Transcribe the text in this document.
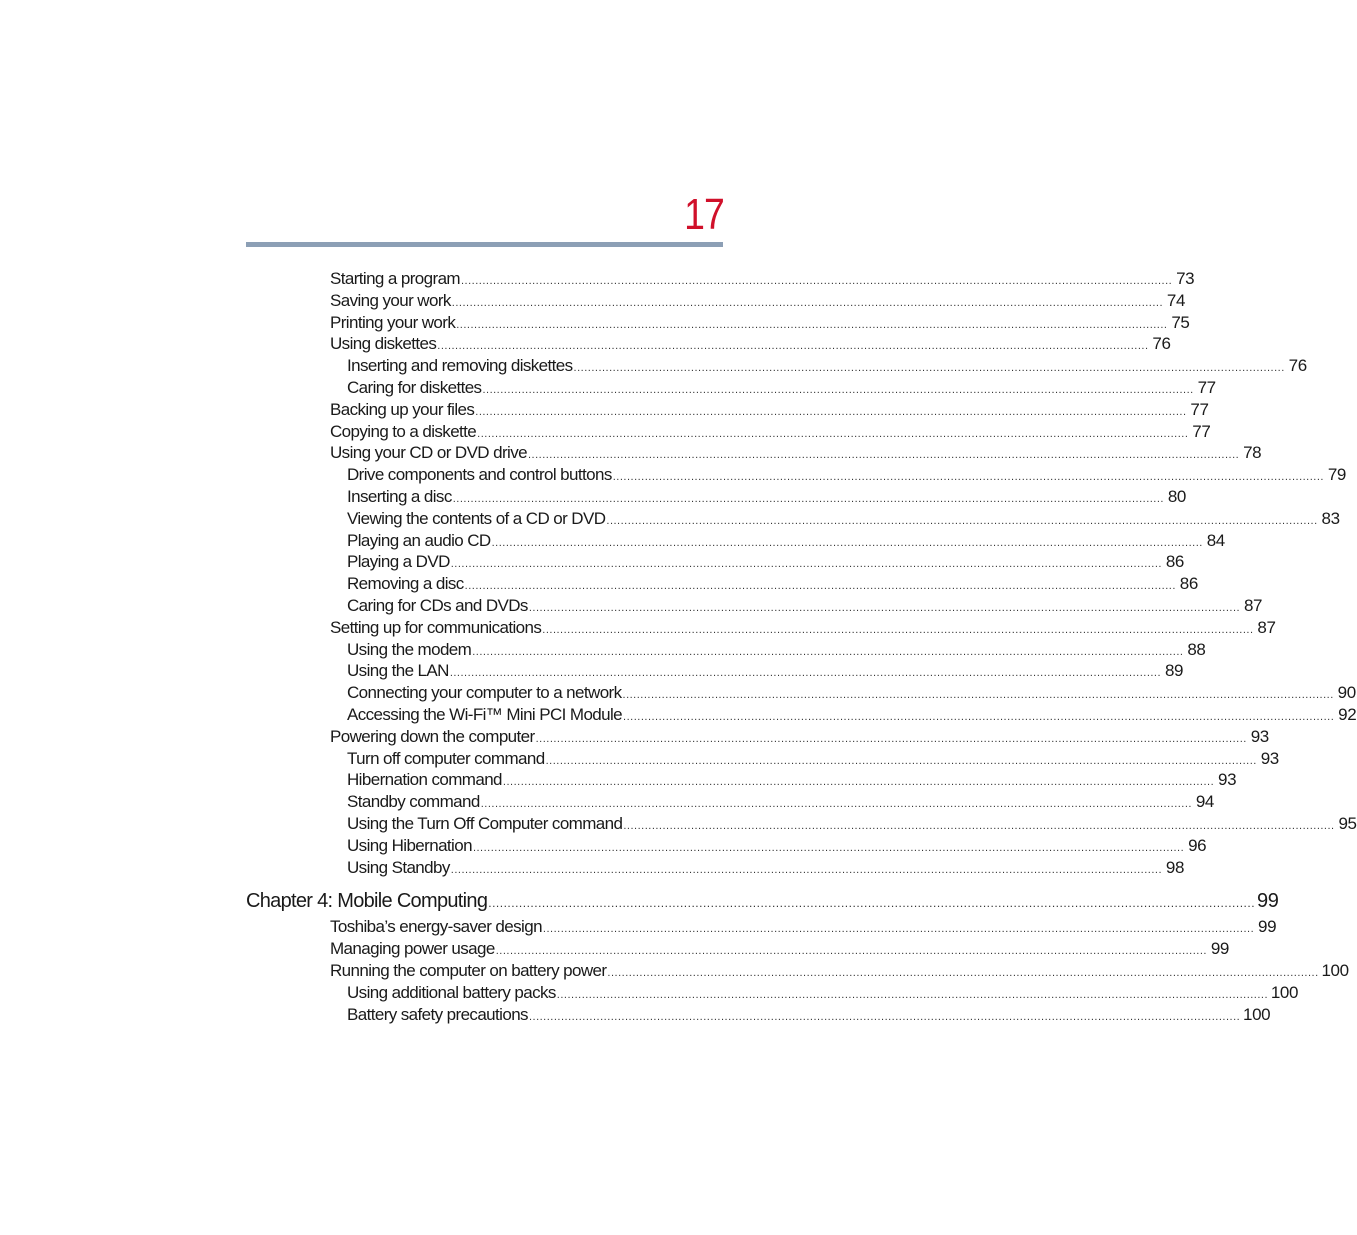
17
Starting a program ........................................................................................................................................................................................................ 73
Saving your work ........................................................................................................................................................................................................ 74
Printing your work ........................................................................................................................................................................................................ 75
Using diskettes ........................................................................................................................................................................................................ 76
Inserting and removing diskettes ........................................................................................................................................................................................................ 76
Caring for diskettes ........................................................................................................................................................................................................ 77
Backing up your files ........................................................................................................................................................................................................ 77
Copying to a diskette ........................................................................................................................................................................................................ 77
Using your CD or DVD drive ........................................................................................................................................................................................................ 78
Drive components and control buttons ........................................................................................................................................................................................................ 79
Inserting a disc ........................................................................................................................................................................................................ 80
Viewing the contents of a CD or DVD ........................................................................................................................................................................................................ 83
Playing an audio CD ........................................................................................................................................................................................................ 84
Playing a DVD ........................................................................................................................................................................................................ 86
Removing a disc ........................................................................................................................................................................................................ 86
Caring for CDs and DVDs ........................................................................................................................................................................................................ 87
Setting up for communications ........................................................................................................................................................................................................ 87
Using the modem ........................................................................................................................................................................................................ 88
Using the LAN ........................................................................................................................................................................................................ 89
Connecting your computer to a network ........................................................................................................................................................................................................ 90
Accessing the Wi-Fi™ Mini PCI Module ........................................................................................................................................................................................................ 92
Powering down the computer ........................................................................................................................................................................................................ 93
Turn off computer command ........................................................................................................................................................................................................ 93
Hibernation command ........................................................................................................................................................................................................ 93
Standby command ........................................................................................................................................................................................................ 94
Using the Turn Off Computer command ........................................................................................................................................................................................................ 95
Using Hibernation ........................................................................................................................................................................................................ 96
Using Standby ........................................................................................................................................................................................................ 98
Chapter 4: Mobile Computing ........................................................................................................................................................................................................ 99
Toshiba’s energy-saver design ........................................................................................................................................................................................................ 99
Managing power usage ........................................................................................................................................................................................................ 99
Running the computer on battery power ........................................................................................................................................................................................................ 100
Using additional battery packs ........................................................................................................................................................................................................ 100
Battery safety precautions ........................................................................................................................................................................................................ 100
